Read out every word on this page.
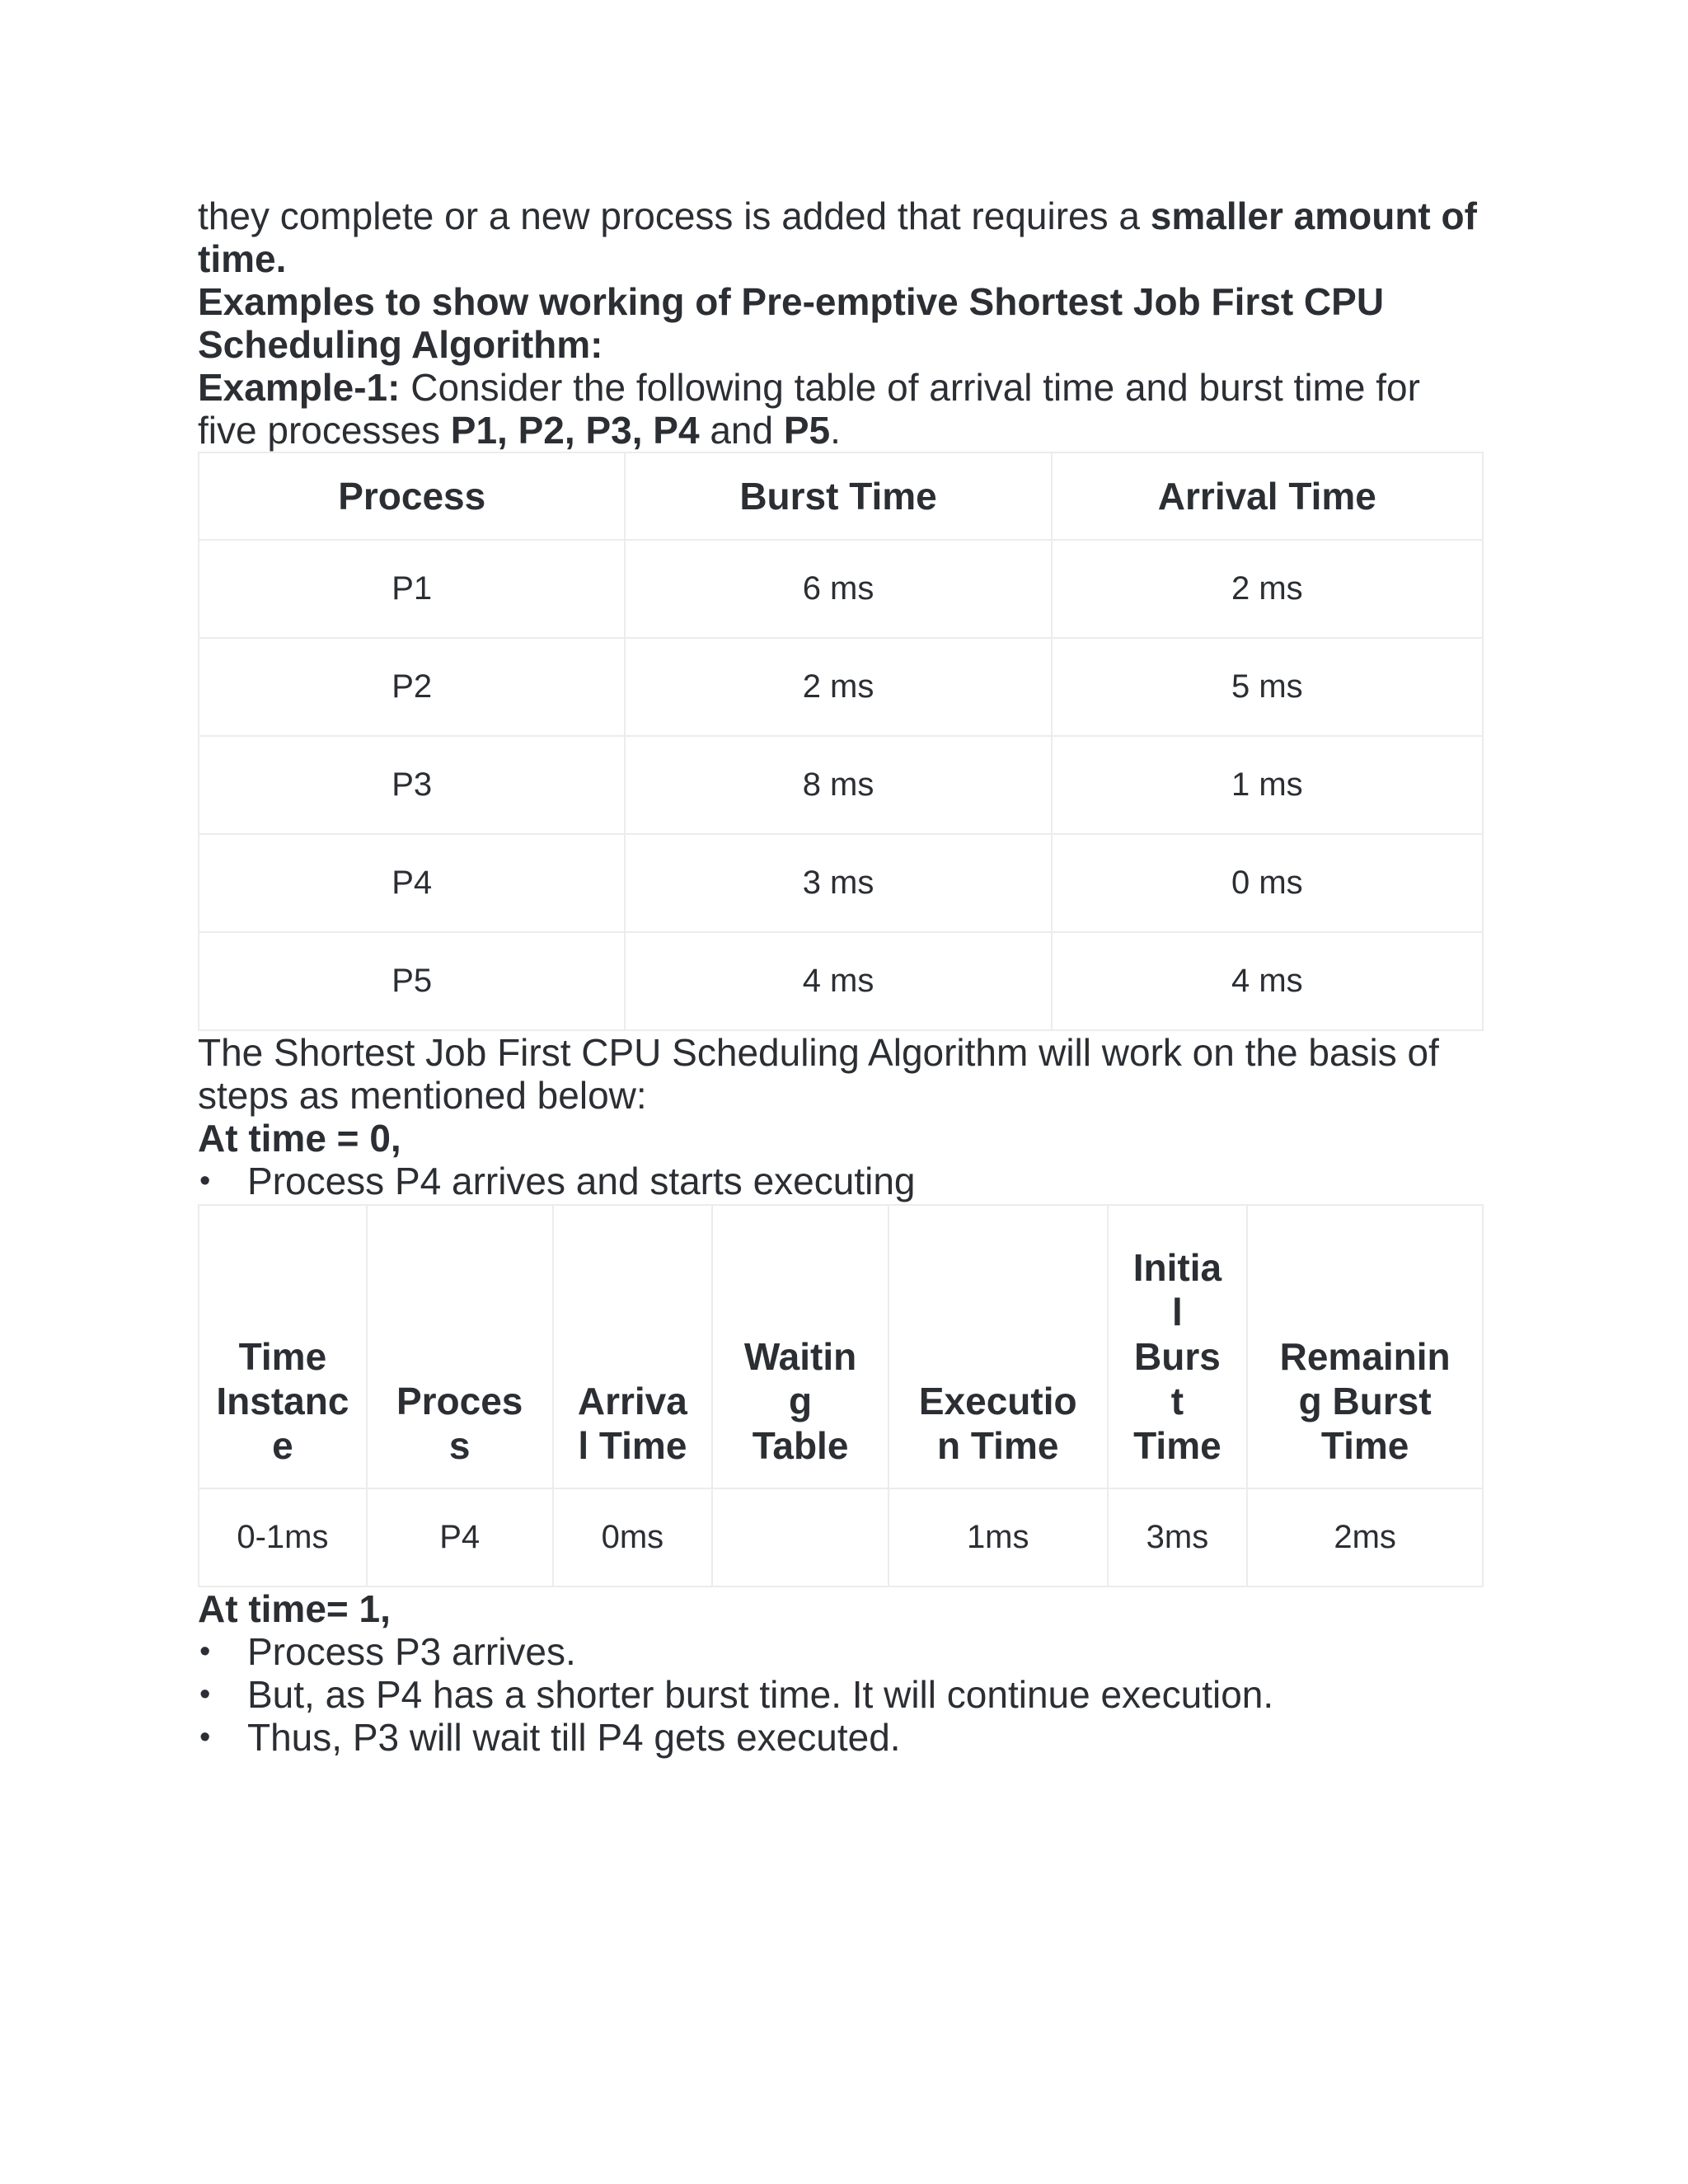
they complete or a new process is added that requires a smaller amount of time.

Examples to show working of Pre-emptive Shortest Job First CPU Scheduling Algorithm:

Example-1: Consider the following table of arrival time and burst time for five processes P1, P2, P3, P4 and P5.

Process	Burst Time	Arrival Time
P1	6 ms	2 ms
P2	2 ms	5 ms
P3	8 ms	1 ms
P4	3 ms	0 ms
P5	4 ms	4 ms

The Shortest Job First CPU Scheduling Algorithm will work on the basis of steps as mentioned below:

At time = 0,

• Process P4 arrives and starts executing
Time
Instanc
e	Proces
s	Arriva
l Time	Waitin
g
Table	Executio
n Time	Initia
l
Burs
t
Time	Remainin
g Burst
Time
0-1ms	P4	0ms		1ms	3ms	2ms

At time= 1,

• Process P3 arrives.
• But, as P4 has a shorter burst time. It will continue execution.
• Thus, P3 will wait till P4 gets executed.
